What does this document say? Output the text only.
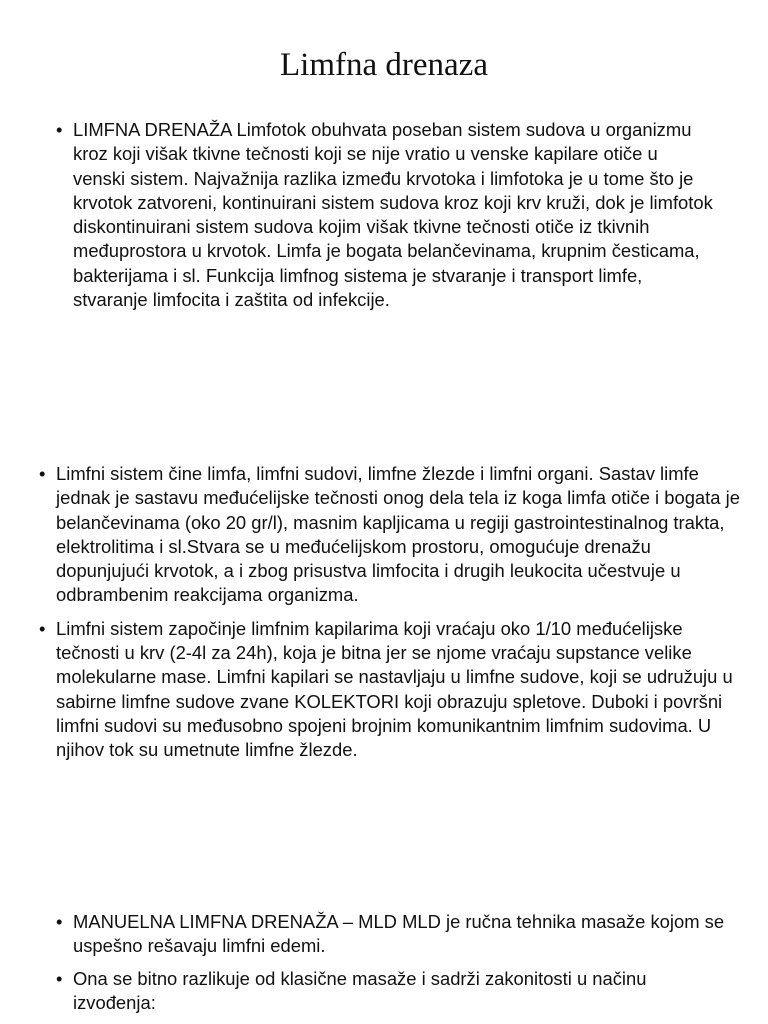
Limfna drenaza
• LIMFNA DRENAŽA Limfotok obuhvata poseban sistem sudova u organizmu kroz koji višak tkivne tečnosti koji se nije vratio u venske kapilare otiče u venski sistem. Najvažnija razlika između krvotoka i limfotoka je u tome što je krvotok zatvoreni, kontinuirani sistem sudova kroz koji krv kruži, dok je limfotok diskontinuirani sistem sudova kojim višak tkivne tečnosti otiče iz tkivnih međuprostora u krvotok. Limfa je bogata belančevinama, krupnim česticama, bakterijama i sl. Funkcija limfnog sistema je stvaranje i transport limfe, stvaranje limfocita i zaštita od infekcije.
• Limfni sistem čine limfa, limfni sudovi, limfne žlezde i limfni organi. Sastav limfe jednak je sastavu međućelijske tečnosti onog dela tela iz koga limfa otiče i bogata je belančevinama (oko 20 gr/l), masnim kapljicama u regiji gastrointestinalnog trakta, elektrolitima i sl.Stvara se u međućelijskom prostoru, omogućuje drenažu dopunjujući krvotok, a i zbog prisustva limfocita i drugih leukocita učestvuje u odbrambenim reakcijama organizma.
• Limfni sistem započinje limfnim kapilarima koji vraćaju oko 1/10 međućelijske tečnosti u krv (2-4l za 24h), koja je bitna jer se njome vraćaju supstance velike molekularne mase. Limfni kapilari se nastavljaju u limfne sudove, koji se udružuju u sabirne limfne sudove zvane KOLEKTORI koji obrazuju spletove. Duboki i površni limfni sudovi su međusobno spojeni brojnim komunikantnim limfnim sudovima. U njihov tok su umetnute limfne žlezde.
• MANUELNA LIMFNA DRENAŽA – MLD MLD je ručna tehnika masaže kojom se uspešno rešavaju limfni edemi.
• Ona se bitno razlikuje od klasične masaže i sadrži zakonitosti u načinu izvođenja:
